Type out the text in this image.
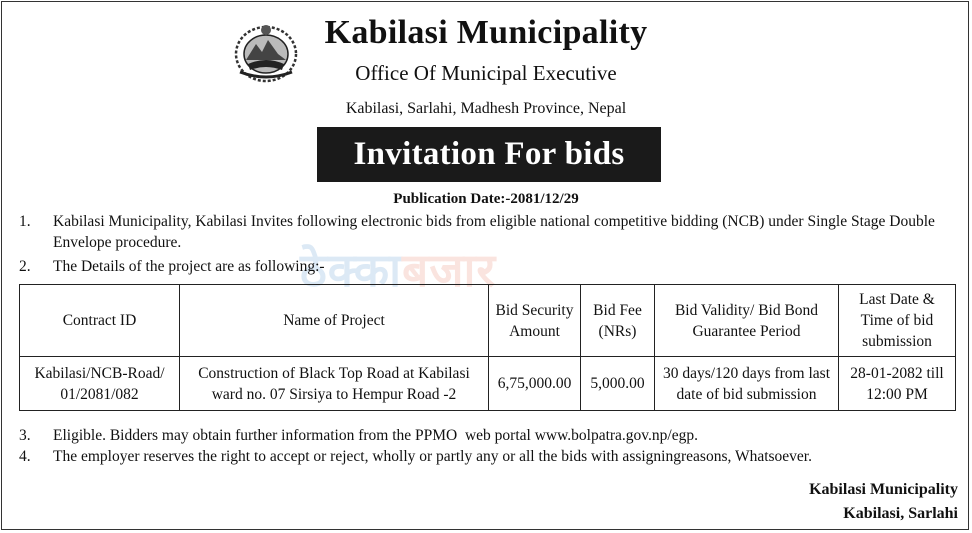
Kabilasi Municipality
Office Of Municipal Executive
Kabilasi, Sarlahi, Madhesh Province, Nepal
Invitation For bids
Publication Date:-2081/12/29
ठेक्काबजार
1.	Kabilasi Municipality, Kabilasi Invites following electronic bids from eligible national competitive bidding (NCB) under Single Stage Double Envelope procedure.
2.	The Details of the project are as following:-
Contract ID	Name of Project	Bid Security Amount	Bid Fee (NRs)	Bid Validity/ Bid Bond Guarantee Period	Last Date & Time of bid submission
Kabilasi/NCB-Road/ 01/2081/082	Construction of Black Top Road at Kabilasi ward no. 07 Sirsiya to Hempur Road -2	6,75,000.00	5,000.00	30 days/120 days from last date of bid submission	28-01-2082 till 12:00 PM
3.	Eligible. Bidders may obtain further information from the PPMO  web portal www.bolpatra.gov.np/egp.
4.	The employer reserves the right to accept or reject, wholly or partly any or all the bids with assigningreasons, Whatsoever.
Kabilasi Municipality
Kabilasi, Sarlahi
